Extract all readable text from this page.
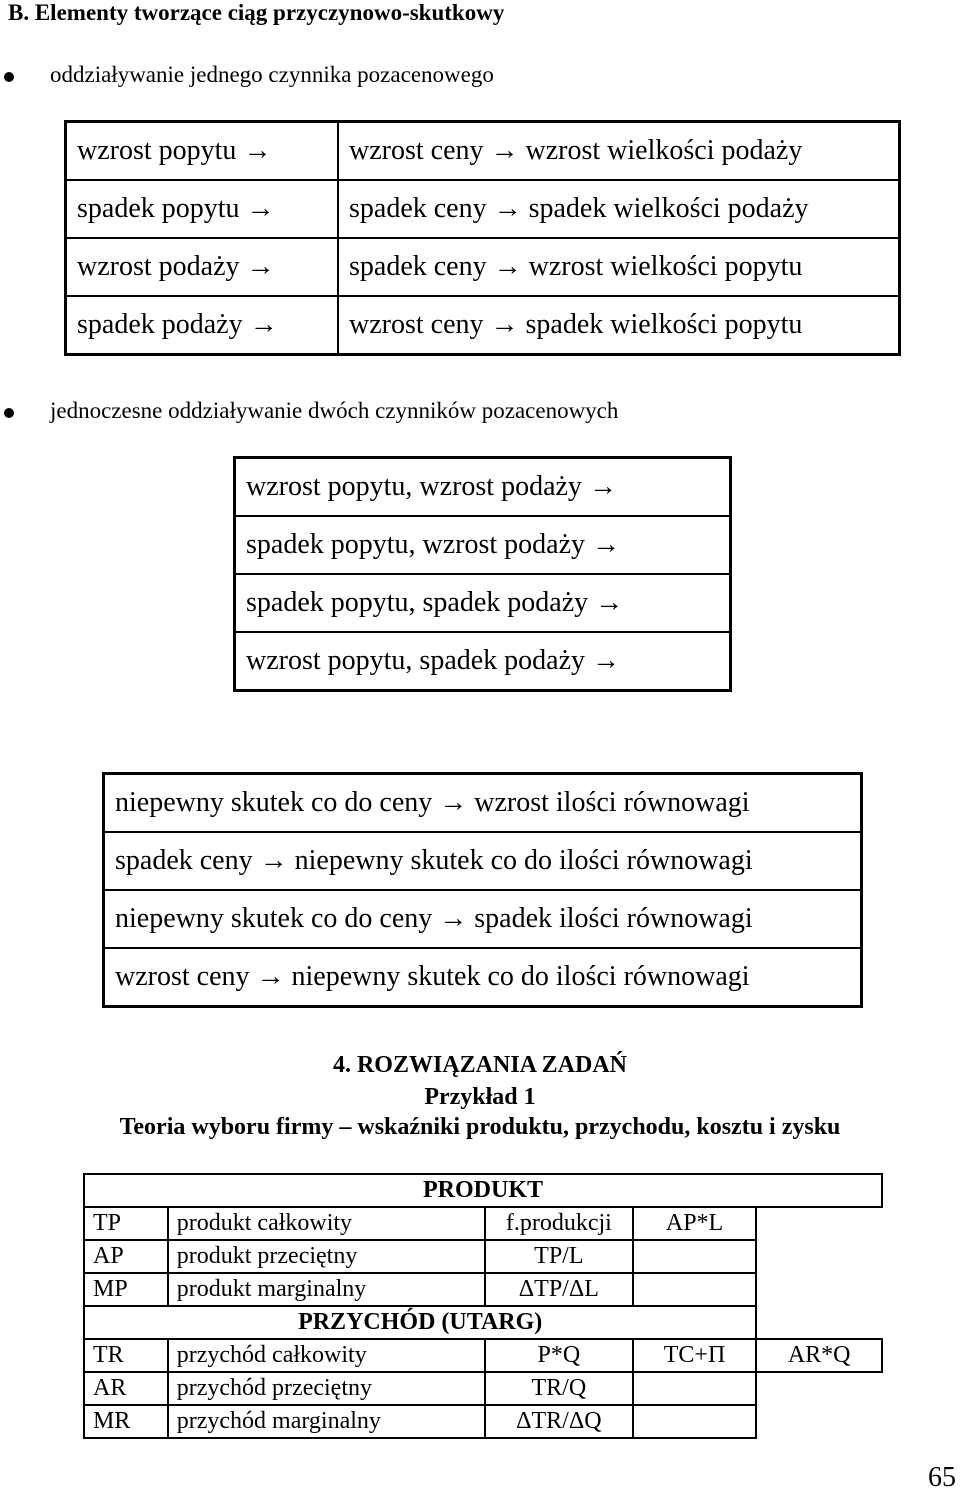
B. Elementy tworzące ciąg przyczynowo-skutkowy
oddziaływanie jednego czynnika pozacenowego
wzrost popytu →	wzrost ceny → wzrost wielkości podaży
spadek popytu →	spadek ceny → spadek wielkości podaży
wzrost podaży →	spadek ceny → wzrost wielkości popytu
spadek podaży →	wzrost ceny → spadek wielkości popytu
jednoczesne oddziaływanie dwóch czynników pozacenowych
wzrost popytu, wzrost podaży →
spadek popytu, wzrost podaży →
spadek popytu, spadek podaży →
wzrost popytu, spadek podaży →
niepewny skutek co do ceny → wzrost ilości równowagi
spadek ceny → niepewny skutek co do ilości równowagi
niepewny skutek co do ceny → spadek ilości równowagi
wzrost ceny → niepewny skutek co do ilości równowagi
4. ROZWIĄZANIA ZADAŃ
Przykład 1
Teoria wyboru firmy – wskaźniki produktu, przychodu, kosztu i zysku
PRODUKT				
TP	produkt całkowity	f.produkcji	AP*L	
AP	produkt przeciętny	TP/L		
MP	produkt marginalny	ΔTP/ΔL		
PRZYCHÓD (UTARG)				
TR	przychód całkowity	P*Q	TC+Π	AR*Q
AR	przychód przeciętny	TR/Q		
MR	przychód marginalny	ΔTR/ΔQ		
65
